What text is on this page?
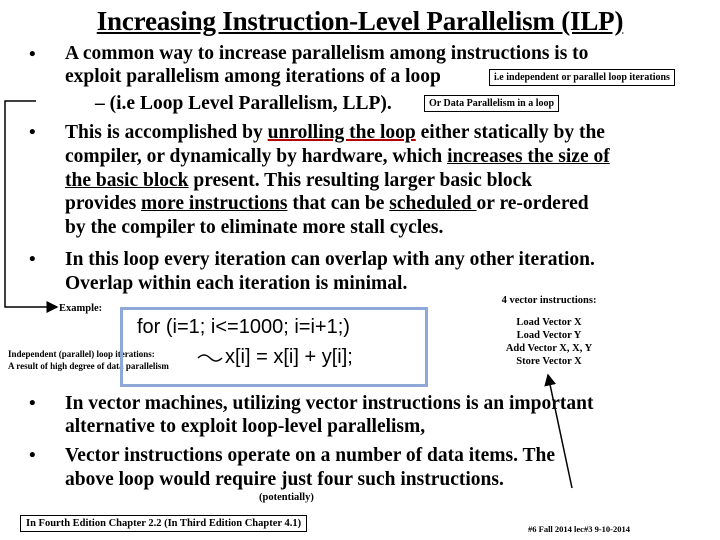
Increasing Instruction-Level Parallelism (ILP)
• A common way to increase parallelism among instructions is to
exploit parallelism among iterations of a loop	i.e independent or parallel loop iterations
– (i.e Loop Level Parallelism, LLP).	Or Data Parallelism in a loop
• This is accomplished by unrolling the loop either statically by the
compiler, or dynamically by hardware, which increases the size of
the basic block present. This resulting larger basic block
provides more instructions that can be scheduled or re-ordered
by the compiler to eliminate more stall cycles.
• In this loop every iteration can overlap with any other iteration.
Overlap within each iteration is minimal.
Example:
Independent (parallel) loop iterations:
A result of high degree of data parallelism
for (i=1; i<=1000; i=i+1;)
x[i] = x[i] + y[i];
4 vector instructions:
Load Vector X
Load Vector Y
Add Vector X, X, Y
Store Vector X
• In vector machines, utilizing vector instructions is an important
alternative to exploit loop-level parallelism,
• Vector instructions operate on a number of data items. The
above loop would require just four such instructions.
(potentially)
In Fourth Edition Chapter 2.2 (In Third Edition Chapter 4.1)	#6 Fall 2014 lec#3 9-10-2014
